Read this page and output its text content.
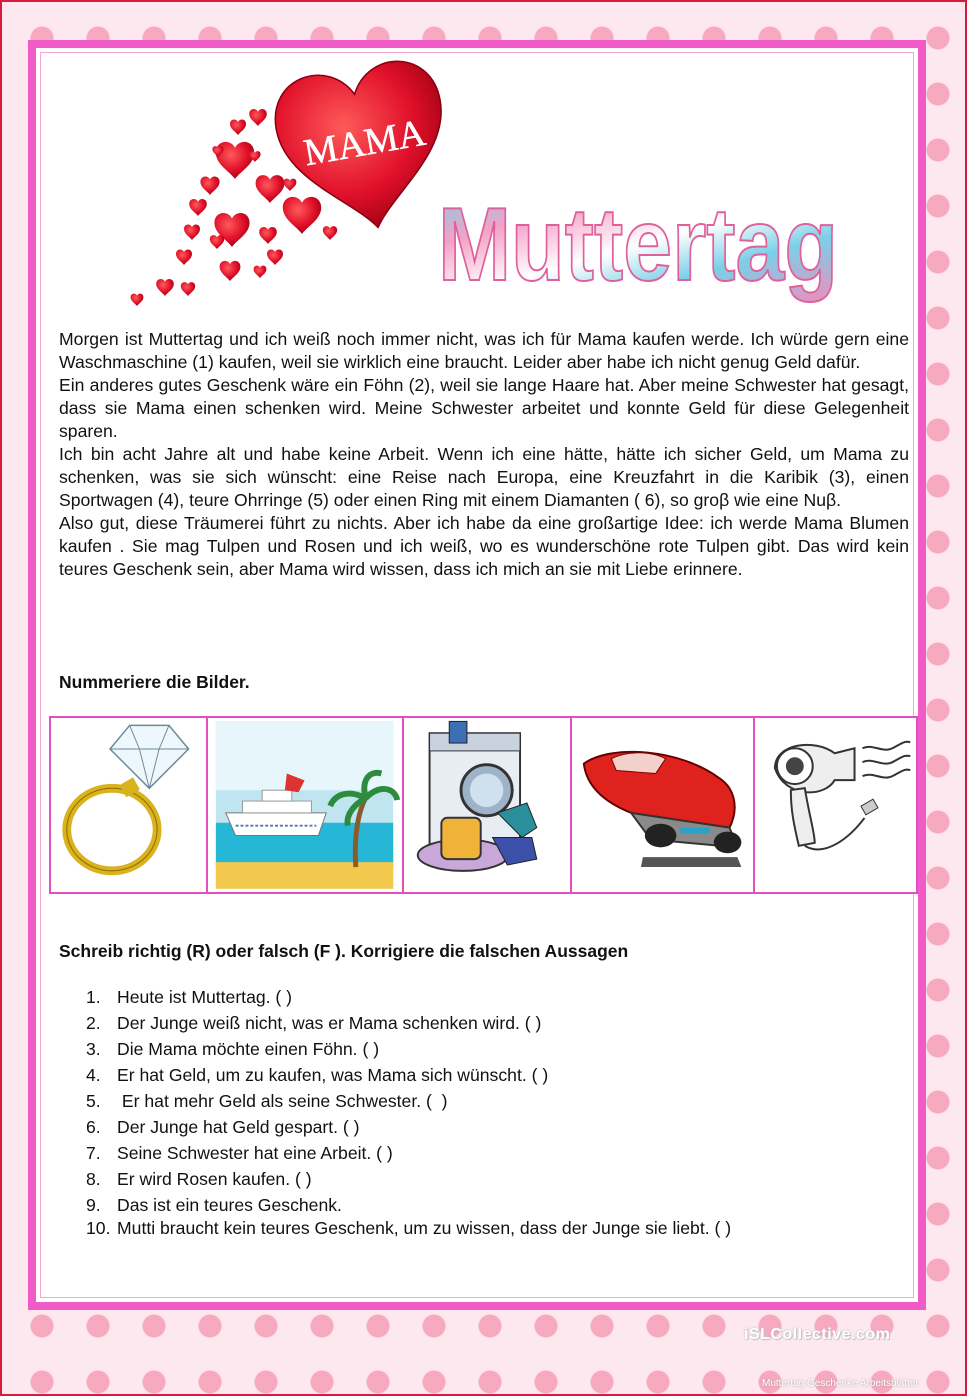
MAMA
Muttertag

Morgen ist Muttertag und ich weiß noch immer nicht, was ich für Mama kaufen werde. Ich würde gern eine Waschmaschine (1) kaufen, weil sie wirklich eine braucht. Leider aber habe ich nicht genug Geld dafür.

Ein anderes gutes Geschenk wäre ein Föhn (2), weil sie lange Haare hat. Aber meine Schwester hat gesagt, dass sie Mama einen schenken wird. Meine Schwester arbeitet und konnte Geld für diese Gelegenheit sparen.

Ich bin acht Jahre alt und habe keine Arbeit. Wenn ich eine hätte, hätte ich sicher Geld, um Mama zu schenken, was sie sich wünscht: eine Reise nach Europa, eine Kreuzfahrt in die Karibik (3), einen Sportwagen (4), teure Ohrringe (5) oder einen Ring mit einem Diamanten ( 6), so groβ wie eine Nuβ.

Also gut, diese Träumerei führt zu nichts. Aber ich habe da eine großartige Idee: ich werde Mama Blumen kaufen . Sie mag Tulpen und Rosen und ich weiß, wo es wunderschöne rote Tulpen gibt. Das wird kein teures Geschenk sein, aber Mama wird wissen, dass ich mich an sie mit Liebe erinnere.

Nummeriere die Bilder.
Schreib richtig (R) oder falsch (F ). Korrigiere die falschen Aussagen
1. Heute ist Muttertag. ( )
2. Der Junge weiß nicht, was er Mama schenken wird. ( )
3. Die Mama möchte einen Föhn. ( )
4. Er hat Geld, um zu kaufen, was Mama sich wünscht. ( )
5. Er hat mehr Geld als seine Schwester. (  )
6. Der Junge hat Geld gespart. ( )
7. Seine Schwester hat eine Arbeit. ( )
8. Er wird Rosen kaufen. ( )
9. Das ist ein teures Geschenk.
10. Mutti braucht kein teures Geschenk, um zu wissen, dass der Junge sie liebt. ( )
iSLCollective.com
Muttertag Geschenke Arbeitsblätter
